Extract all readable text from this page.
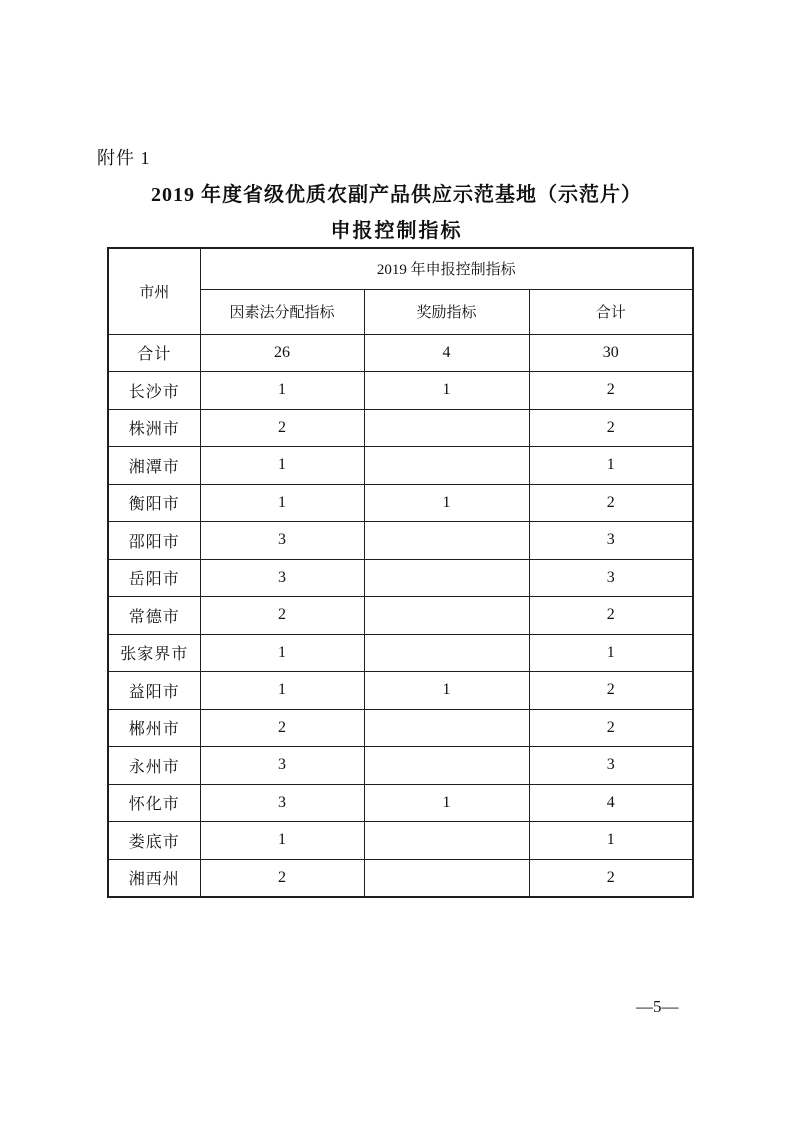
附件 1
2019 年度省级优质农副产品供应示范基地（示范片）
申报控制指标
市州	2019 年申报控制指标		
	因素法分配指标	奖励指标	合计
合计	26	4	30
长沙市	1	1	2
株洲市	2		2
湘潭市	1		1
衡阳市	1	1	2
邵阳市	3		3
岳阳市	3		3
常德市	2		2
张家界市	1		1
益阳市	1	1	2
郴州市	2		2
永州市	3		3
怀化市	3	1	4
娄底市	1		1
湘西州	2		2
—5—
